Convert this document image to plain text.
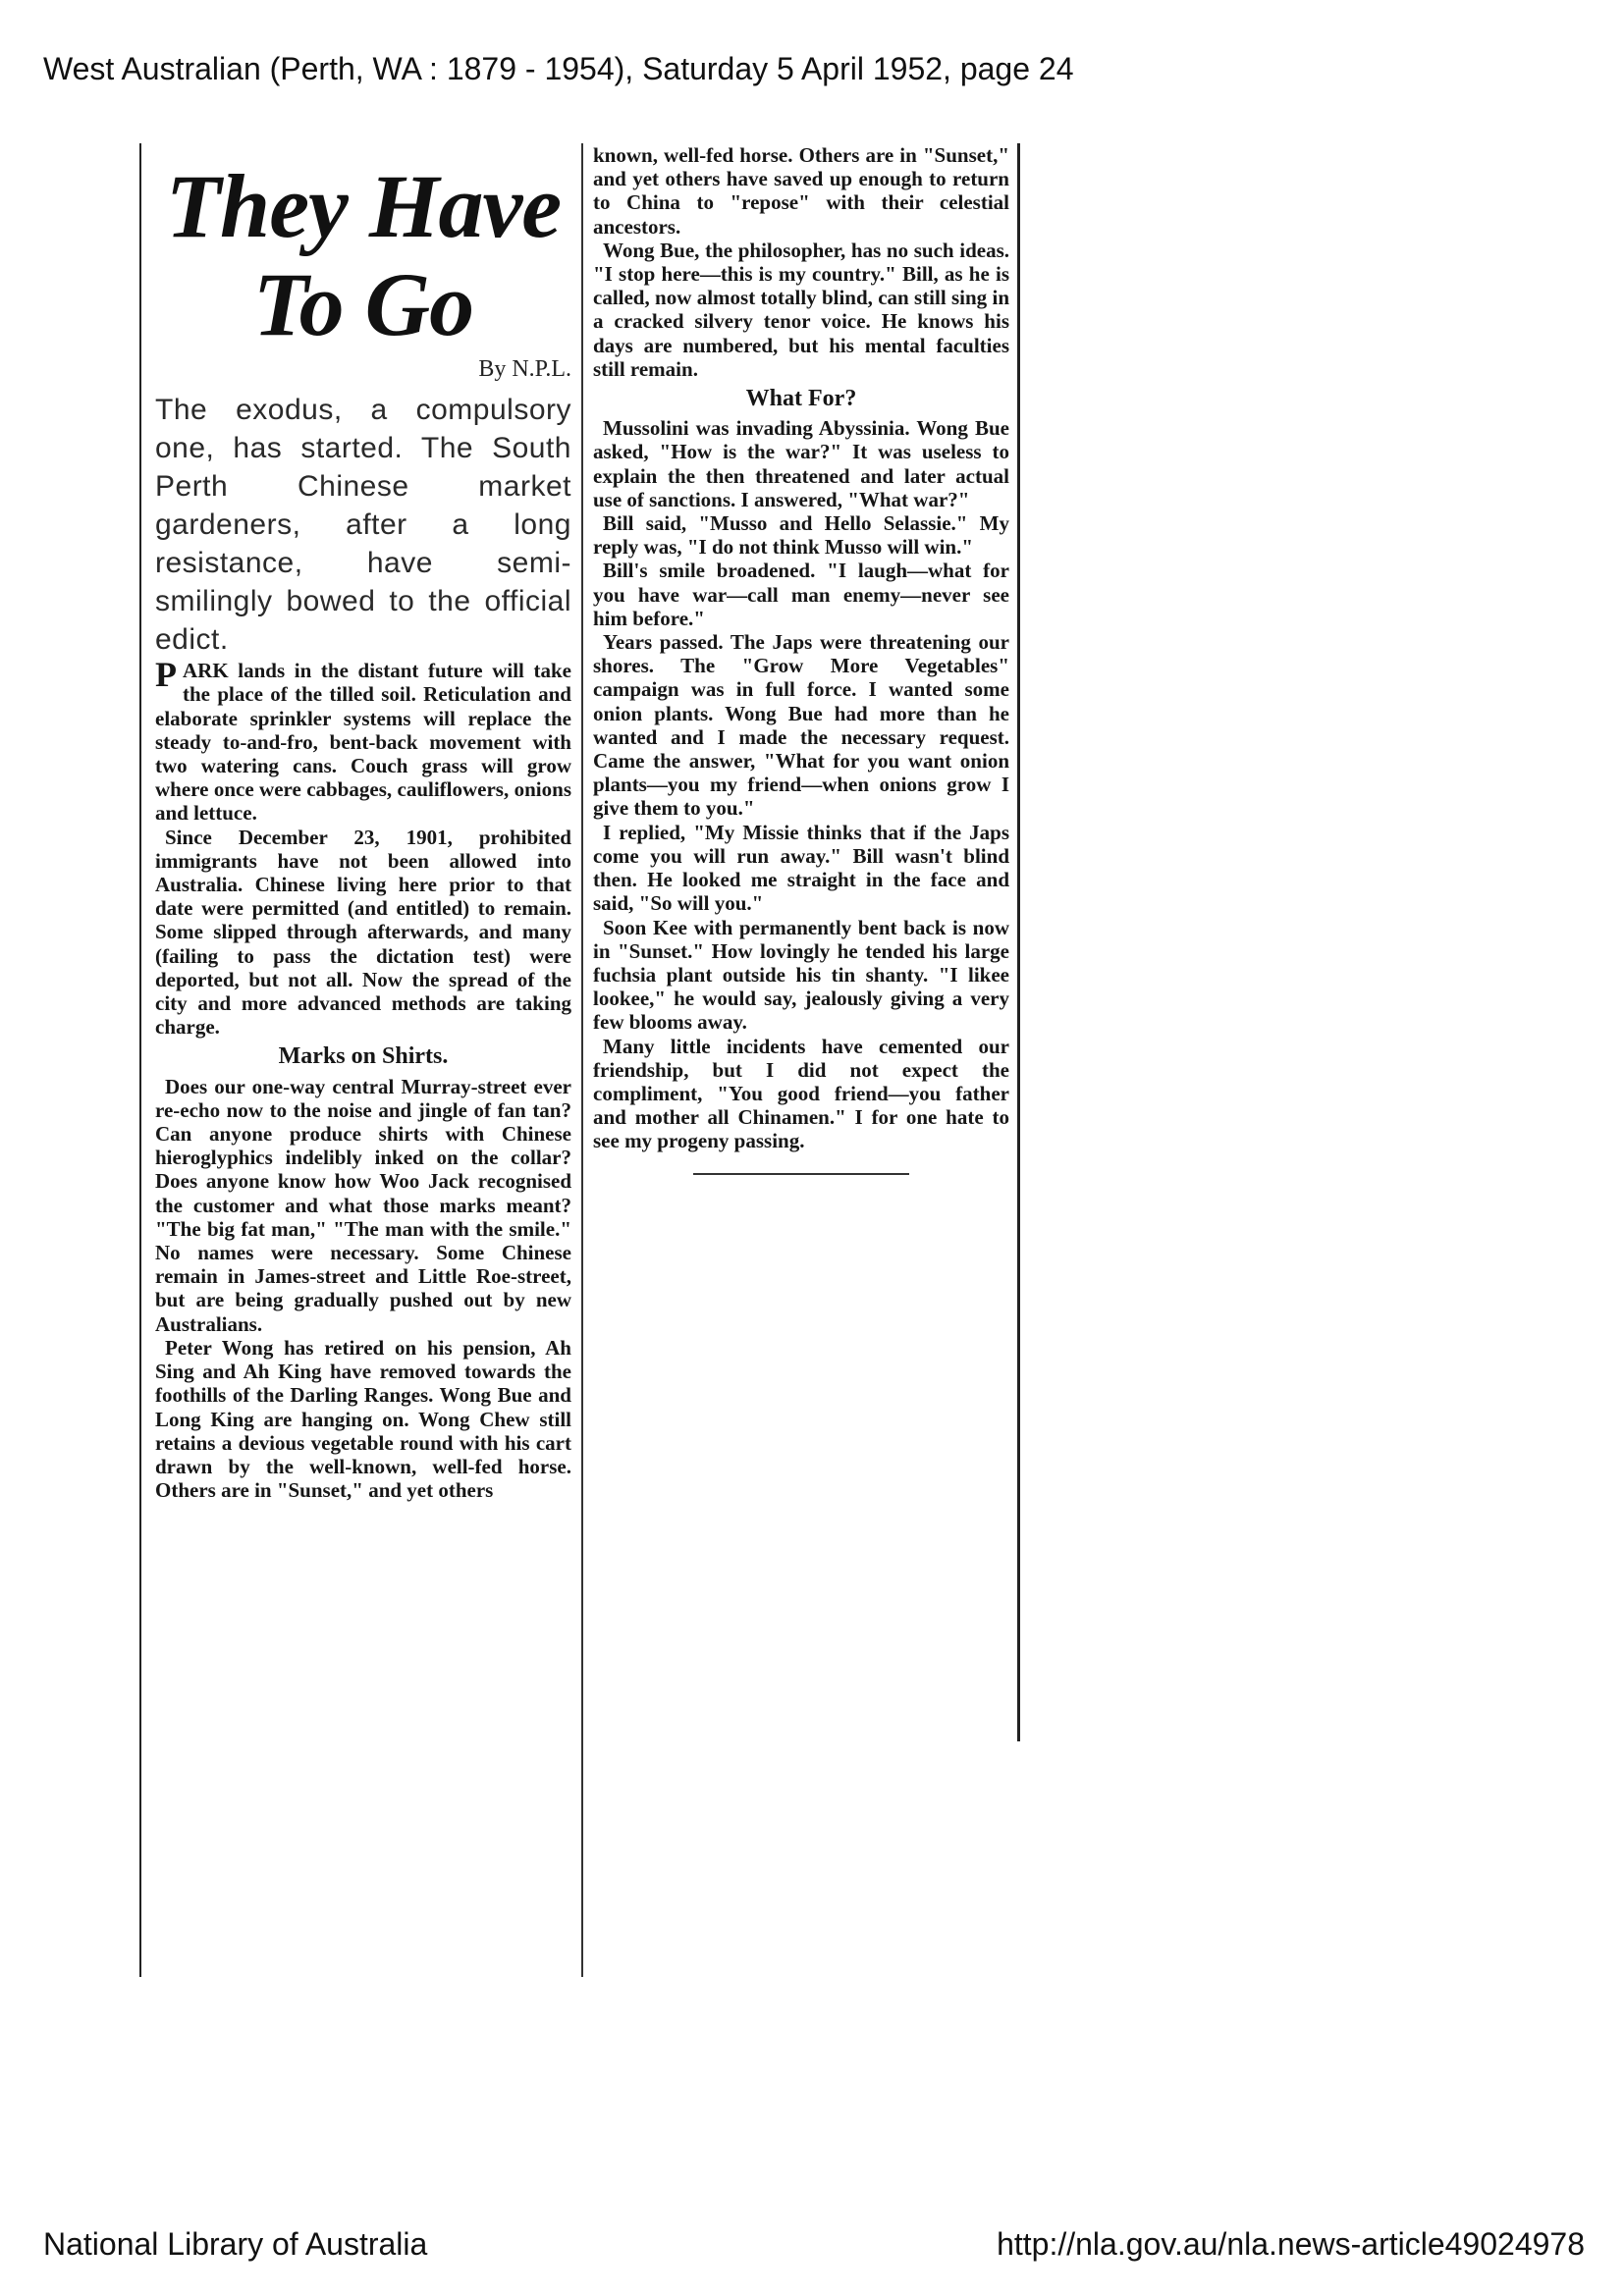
West Australian (Perth, WA : 1879 - 1954), Saturday 5 April 1952, page 24
They Have
To Go
By N.P.L.

The exodus, a compulsory one, has started. The South Perth Chinese market gardeners, after a long resistance, have semi-smilingly bowed to the official edict.

PARK lands in the distant future will take the place of the tilled soil. Reticulation and elaborate sprinkler systems will replace the steady to-and-fro, bent-back movement with two watering cans. Couch grass will grow where once were cabbages, cauliflowers, onions and lettuce.

Since December 23, 1901, prohibited immigrants have not been allowed into Australia. Chinese living here prior to that date were permitted (and entitled) to remain. Some slipped through afterwards, and many (failing to pass the dictation test) were deported, but not all. Now the spread of the city and more advanced methods are taking charge.

Marks on Shirts.

Does our one-way central Murray-street ever re-echo now to the noise and jingle of fan tan? Can anyone produce shirts with Chinese hieroglyphics indelibly inked on the collar? Does anyone know how Woo Jack recognised the customer and what those marks meant? "The big fat man," "The man with the smile." No names were necessary. Some Chinese remain in James-street and Little Roe-street, but are being gradually pushed out by new Australians.

Peter Wong has retired on his pension, Ah Sing and Ah King have removed towards the foothills of the Darling Ranges. Wong Bue and Long King are hanging on. Wong Chew still retains a devious vegetable round with his cart drawn by the well-known, well-fed horse. Others are in "Sunset," and yet others

known, well-fed horse. Others are in "Sunset," and yet others have saved up enough to return to China to "repose" with their celestial ancestors.

Wong Bue, the philosopher, has no such ideas. "I stop here—this is my country." Bill, as he is called, now almost totally blind, can still sing in a cracked silvery tenor voice. He knows his days are numbered, but his mental faculties still remain.

What For?

Mussolini was invading Abyssinia. Wong Bue asked, "How is the war?" It was useless to explain the then threatened and later actual use of sanctions. I answered, "What war?"

Bill said, "Musso and Hello Selassie." My reply was, "I do not think Musso will win."

Bill's smile broadened. "I laugh—what for you have war—call man enemy—never see him before."

Years passed. The Japs were threatening our shores. The "Grow More Vegetables" campaign was in full force. I wanted some onion plants. Wong Bue had more than he wanted and I made the necessary request. Came the answer, "What for you want onion plants—you my friend—when onions grow I give them to you."

I replied, "My Missie thinks that if the Japs come you will run away." Bill wasn't blind then. He looked me straight in the face and said, "So will you."

Soon Kee with permanently bent back is now in "Sunset." How lovingly he tended his large fuchsia plant outside his tin shanty. "I likee lookee," he would say, jealously giving a very few blooms away.

Many little incidents have cemented our friendship, but I did not expect the compliment, "You good friend—you father and mother all Chinamen." I for one hate to see my progeny passing.

National Library of Australia	http://nla.gov.au/nla.news-article49024978
